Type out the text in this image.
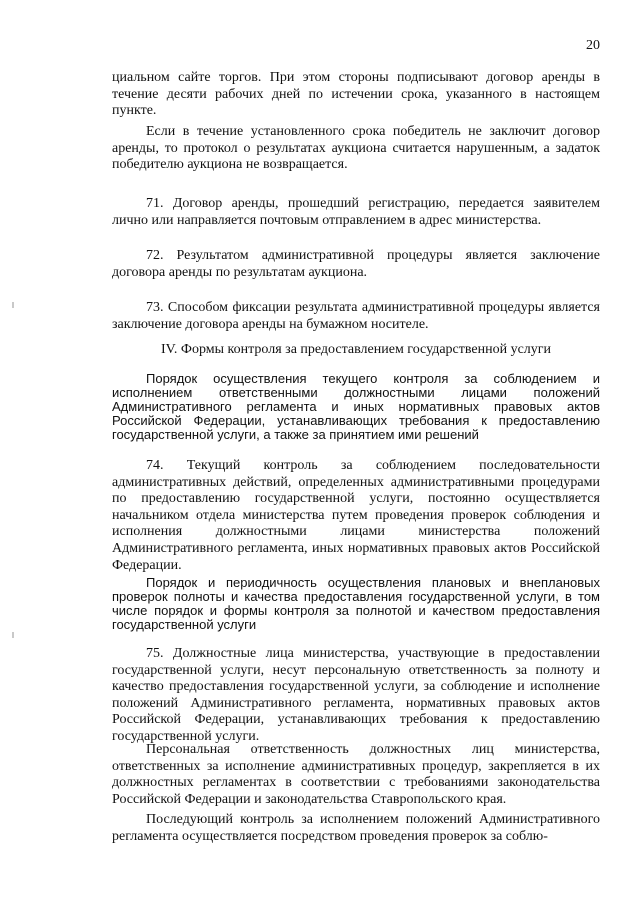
20

циальном сайте торгов. При этом стороны подписывают договор аренды в течение десяти рабочих дней по истечении срока, указанного в настоящем пункте.

Если в течение установленного срока победитель не заключит договор аренды, то протокол о результатах аукциона считается нарушенным, а задаток победителю аукциона не возвращается.

71. Договор аренды, прошедший регистрацию, передается заявителем лично или направляется почтовым отправлением в адрес министерства.

72. Результатом административной процедуры является заключение договора аренды по результатам аукциона.

73. Способом фиксации результата административной процедуры является заключение договора аренды на бумажном носителе.

IV. Формы контроля за предоставлением государственной услуги

Порядок осуществления текущего контроля за соблюдением и исполнением ответственными должностными лицами положений Административного регламента и иных нормативных правовых актов Российской Федерации, устанавливающих требования к предоставлению государственной услуги, а также за принятием ими решений

74. Текущий контроль за соблюдением последовательности административных действий, определенных административными процедурами по предоставлению государственной услуги, постоянно осуществляется начальником отдела министерства путем проведения проверок соблюдения и исполнения должностными лицами министерства положений Административного регламента, иных нормативных правовых актов Российской Федерации.

Порядок и периодичность осуществления плановых и внеплановых проверок полноты и качества предоставления государственной услуги, в том числе порядок и формы контроля за полнотой и качеством предоставления государственной услуги

75. Должностные лица министерства, участвующие в предоставлении государственной услуги, несут персональную ответственность за полноту и качество предоставления государственной услуги, за соблюдение и исполнение положений Административного регламента, нормативных правовых актов Российской Федерации, устанавливающих требования к предоставлению государственной услуги.

Персональная ответственность должностных лиц министерства, ответственных за исполнение административных процедур, закрепляется в их должностных регламентах в соответствии с требованиями законодательства Российской Федерации и законодательства Ставропольского края.

Последующий контроль за исполнением положений Административного регламента осуществляется посредством проведения проверок за соблю-
